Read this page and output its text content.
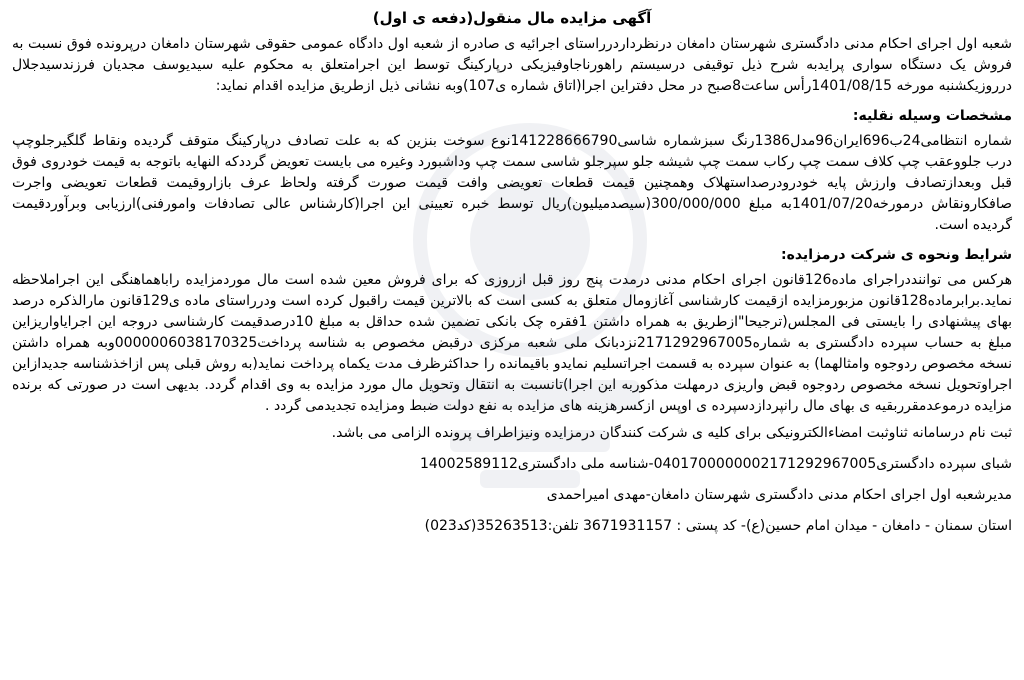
آگهی مزایده مال منقول(دفعه ی اول)

شعبه اول اجرای احکام مدنی دادگستری شهرستان دامغان درنظرداردرراستای اجرائیه ی صادره از شعبه اول دادگاه عمومی حقوقی شهرستان دامغان درپرونده فوق نسبت به فروش یک دستگاه سواری پرایدبه شرح ذیل توقیفی درسیستم راهورناجاوفیزیکی درپارکینگ توسط این اجرامتعلق به محکوم علیه سیدیوسف مجدیان فرزندسیدجلال درروزیکشنبه مورخه 1401/08/15رأس ساعت8صبح در محل دفتراین اجرا(اتاق شماره ی107)وبه نشانی ذیل ازطریق مزایده اقدام نماید:

مشخصات وسیله نقلیه:

شماره انتظامی24ب696ایران96مدل1386رنگ سبزشماره شاسی141228666790نوع سوخت بنزین که به علت تصادف درپارکینگ متوقف گردیده ونقاط گلگیرجلوچپ درب جلووعقب چپ کلاف سمت چپ رکاب سمت چپ شیشه جلو سپرجلو شاسی سمت چپ وداشبورد وغیره می بایست تعویض گرددکه النهایه باتوجه به قیمت خودروی فوق قبل وبعدازتصادف وارزش پایه خودرودرصداستهلاک وهمچنین قیمت قطعات تعویضی وافت قیمت صورت گرفته ولحاظ عرف بازاروقیمت قطعات تعویضی واجرت صافکارونقاش درمورخه1401/07/20به مبلغ 300/000/000(سیصدمیلیون)ریال توسط خبره تعیینی این اجرا(کارشناس عالی تصادفات وامورفنی)ارزیابی وبرآوردقیمت گردیده است.

شرایط ونحوه ی شرکت درمزایده:

هرکس می تواننددراجرای ماده126قانون اجرای احکام مدنی درمدت پنج روز قبل ازروزی که برای فروش معین شده است مال موردمزایده راباهماهنگی این اجراملاحظه نماید.برابرماده128قانون مزبورمزایده ازقیمت کارشناسی آغازومال متعلق به کسی است که بالاترین قیمت راقبول کرده است ودرراستای ماده ی129قانون مارالذکره درصد بهای پیشنهادی را بایستی فی المجلس(ترجیحا"ازطریق به همراه داشتن 1فقره چک بانکی تضمین شده حداقل به مبلغ 10درصدقیمت کارشناسی دروجه این اجرایاواریزاین مبلغ به حساب سپرده دادگستری به شماره2171292967005نزدبانک ملی شعبه مرکزی درقبض مخصوص به شناسه پرداخت0000006038170325وبه همراه داشتن نسخه مخصوص ردوجوه وامثالهما) به عنوان سپرده به قسمت اجراتسلیم نمایدو باقیمانده را حداکثرظرف مدت یکماه پرداخت نماید(به روش قبلی پس ازاخذشناسه جدیدازاین اجراوتحویل نسخه مخصوص ردوجوه قبض واریزی درمهلت مذکوربه این اجرا)تانسبت به انتقال وتحویل مال مورد مزایده به وی اقدام گردد. بدیهی است در صورتی که برنده مزایده درموعدمقرربقیه ی بهای مال رانپردازدسپرده ی اوپس ازکسرهزینه های مزایده به نفع دولت ضبط ومزایده تجدیدمی گردد .

ثبت نام درسامانه ثناوثبت امضاءالکترونیکی برای کلیه ی شرکت کنندگان درمزایده ونیزاطراف پرونده الزامی می باشد.

شبای سپرده دادگستری0401700000002171292967005-شناسه ملی دادگستری14002589112

مدیرشعبه اول اجرای احکام مدنی دادگستری شهرستان دامغان-مهدی امیراحمدی

استان سمنان - دامغان - میدان امام حسین(ع)- کد پستی : 3671931157 تلفن:35263513(کد023)
